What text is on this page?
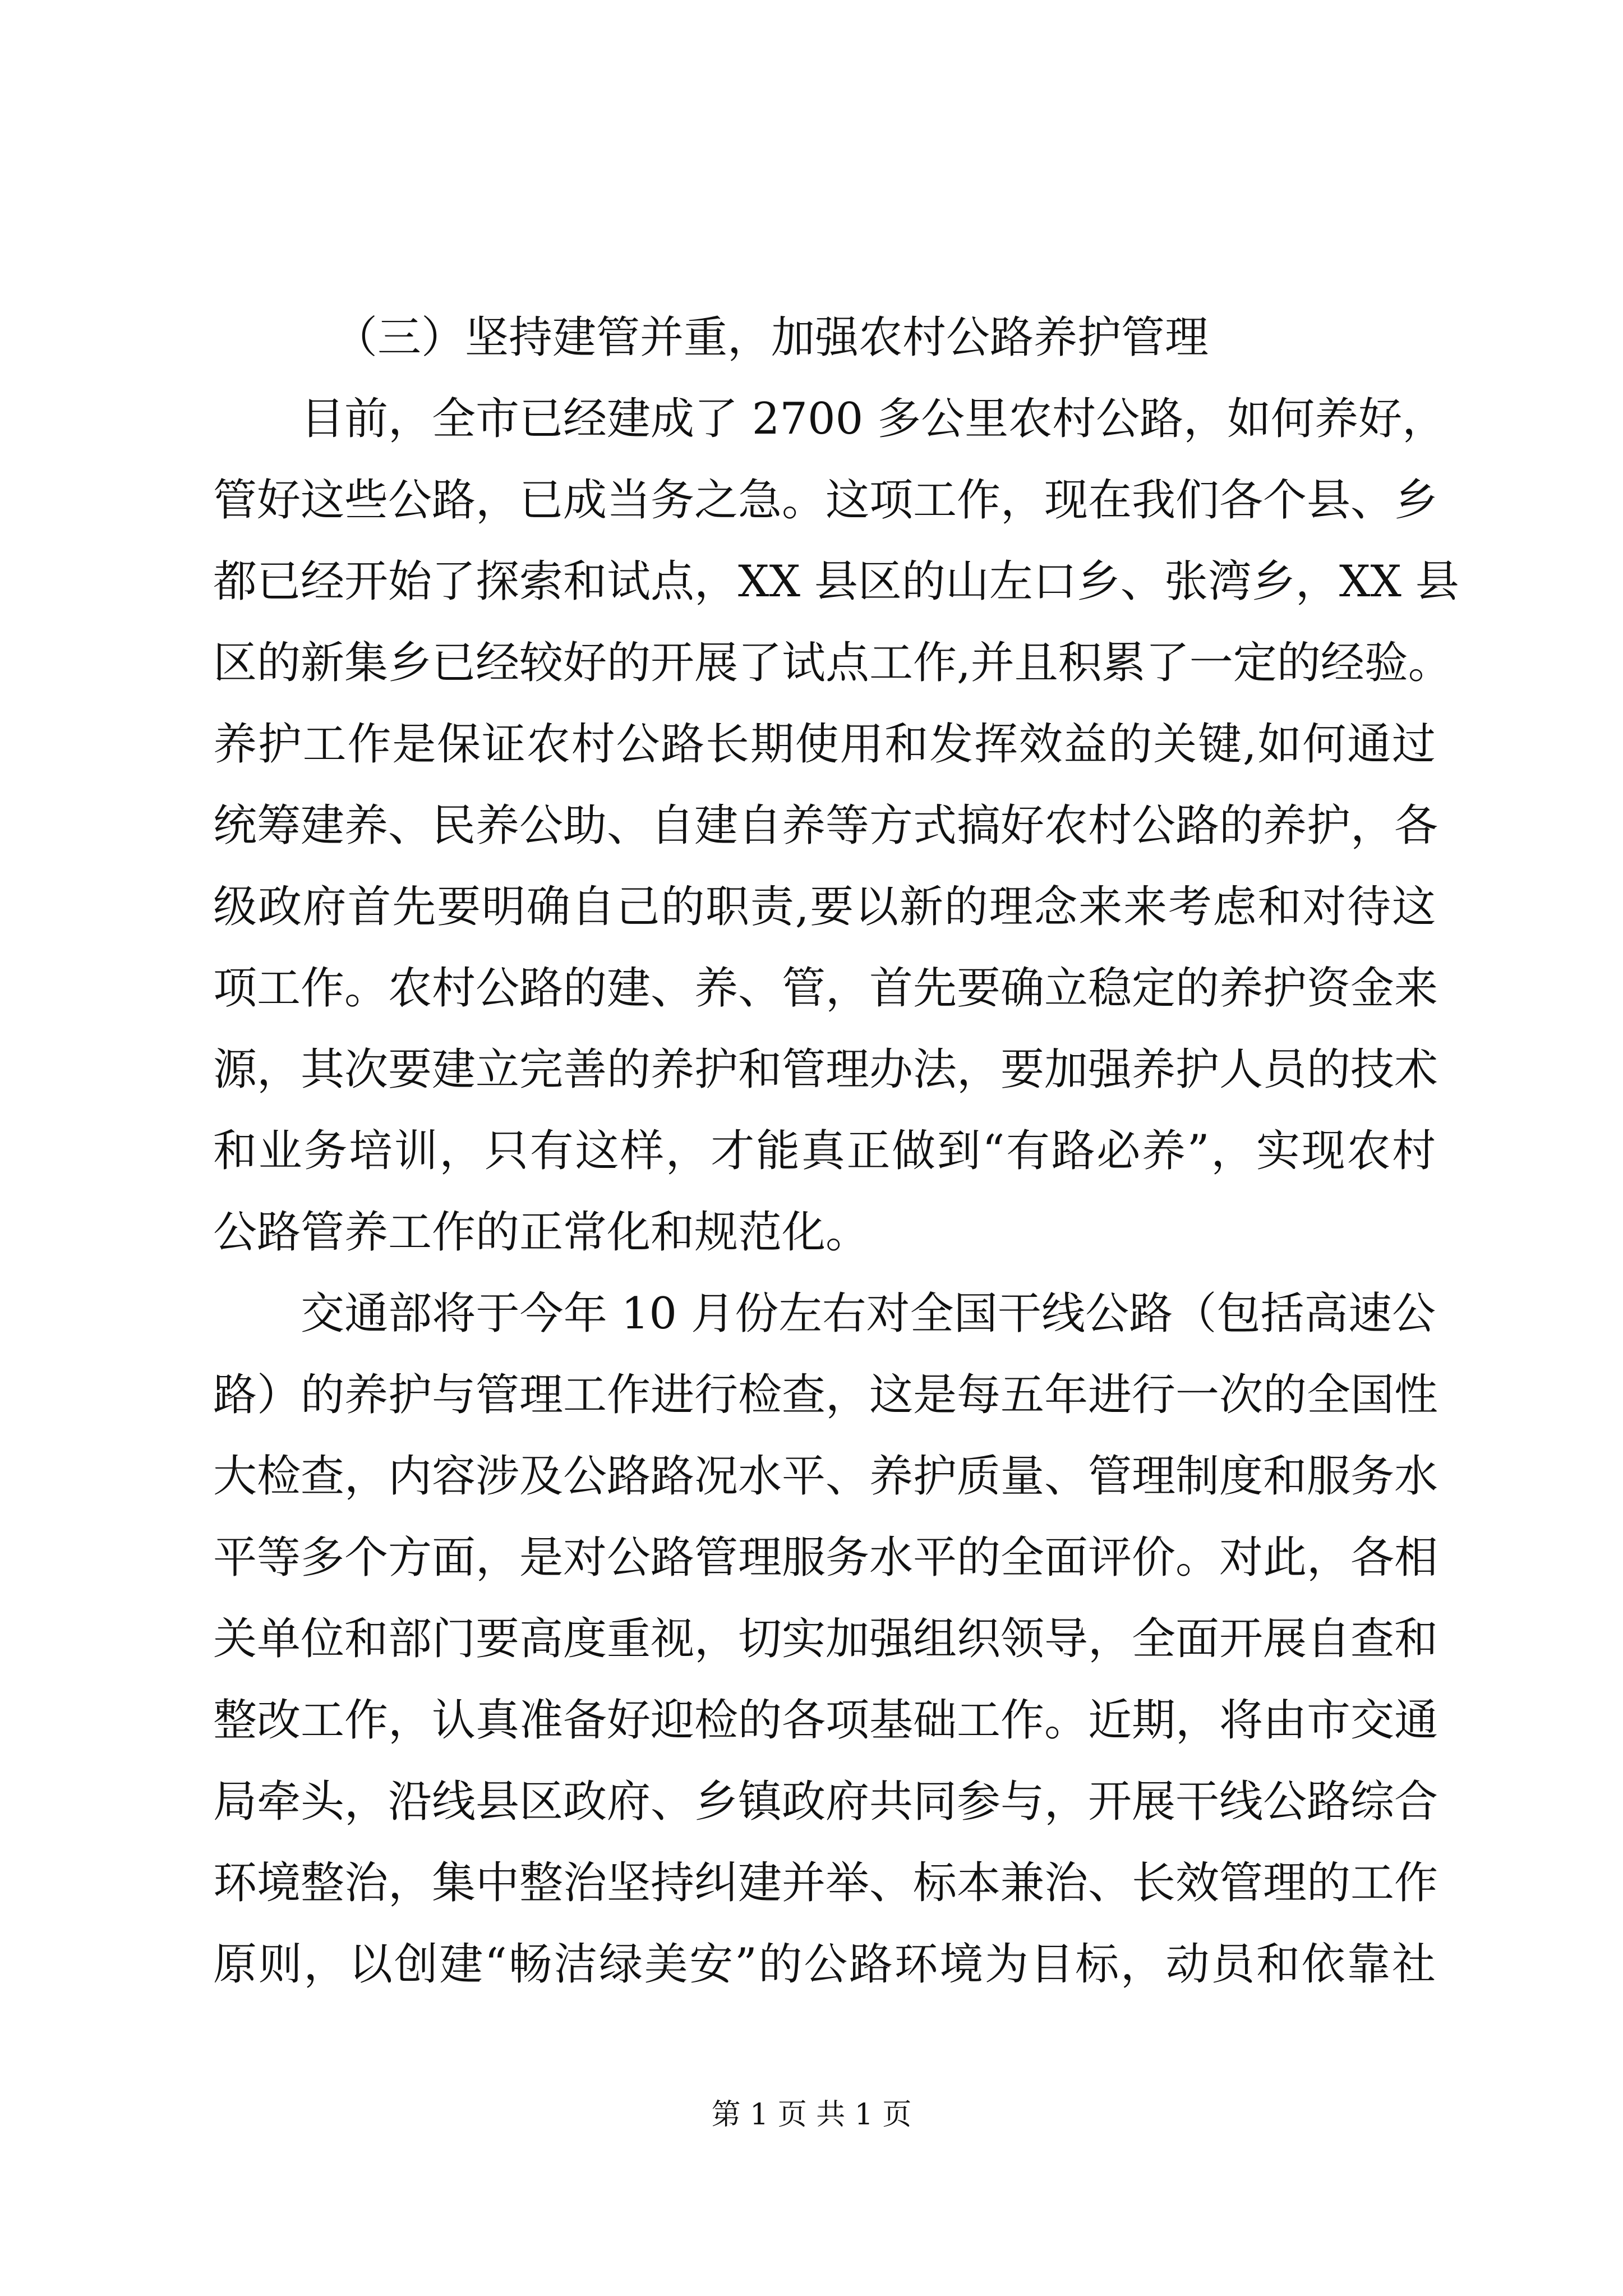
（三）坚持建管并重，加强农村公路养护管理
目前，全市已经建成了 2700 多公里农村公路，如何养好，
管好这些公路，已成当务之急。这项工作，现在我们各个县、乡
都已经开始了探索和试点，XX 县区的山左口乡、张湾乡，XX 县
区的新集乡已经较好的开展了试点工作,并且积累了一定的经验。
养护工作是保证农村公路长期使用和发挥效益的关键,如何通过
统筹建养、民养公助、自建自养等方式搞好农村公路的养护，各
级政府首先要明确自己的职责,要以新的理念来来考虑和对待这
项工作。农村公路的建、养、管，首先要确立稳定的养护资金来
源，其次要建立完善的养护和管理办法，要加强养护人员的技术
和业务培训，只有这样，才能真正做到“有路必养”，实现农村
公路管养工作的正常化和规范化。
交通部将于今年 10 月份左右对全国干线公路（包括高速公
路）的养护与管理工作进行检查，这是每五年进行一次的全国性
大检查，内容涉及公路路况水平、养护质量、管理制度和服务水
平等多个方面，是对公路管理服务水平的全面评价。对此，各相
关单位和部门要高度重视，切实加强组织领导，全面开展自查和
整改工作，认真准备好迎检的各项基础工作。近期，将由市交通
局牵头，沿线县区政府、乡镇政府共同参与，开展干线公路综合
环境整治，集中整治坚持纠建并举、标本兼治、长效管理的工作
原则，以创建“畅洁绿美安”的公路环境为目标，动员和依靠社
第 1 页 共 1 页
